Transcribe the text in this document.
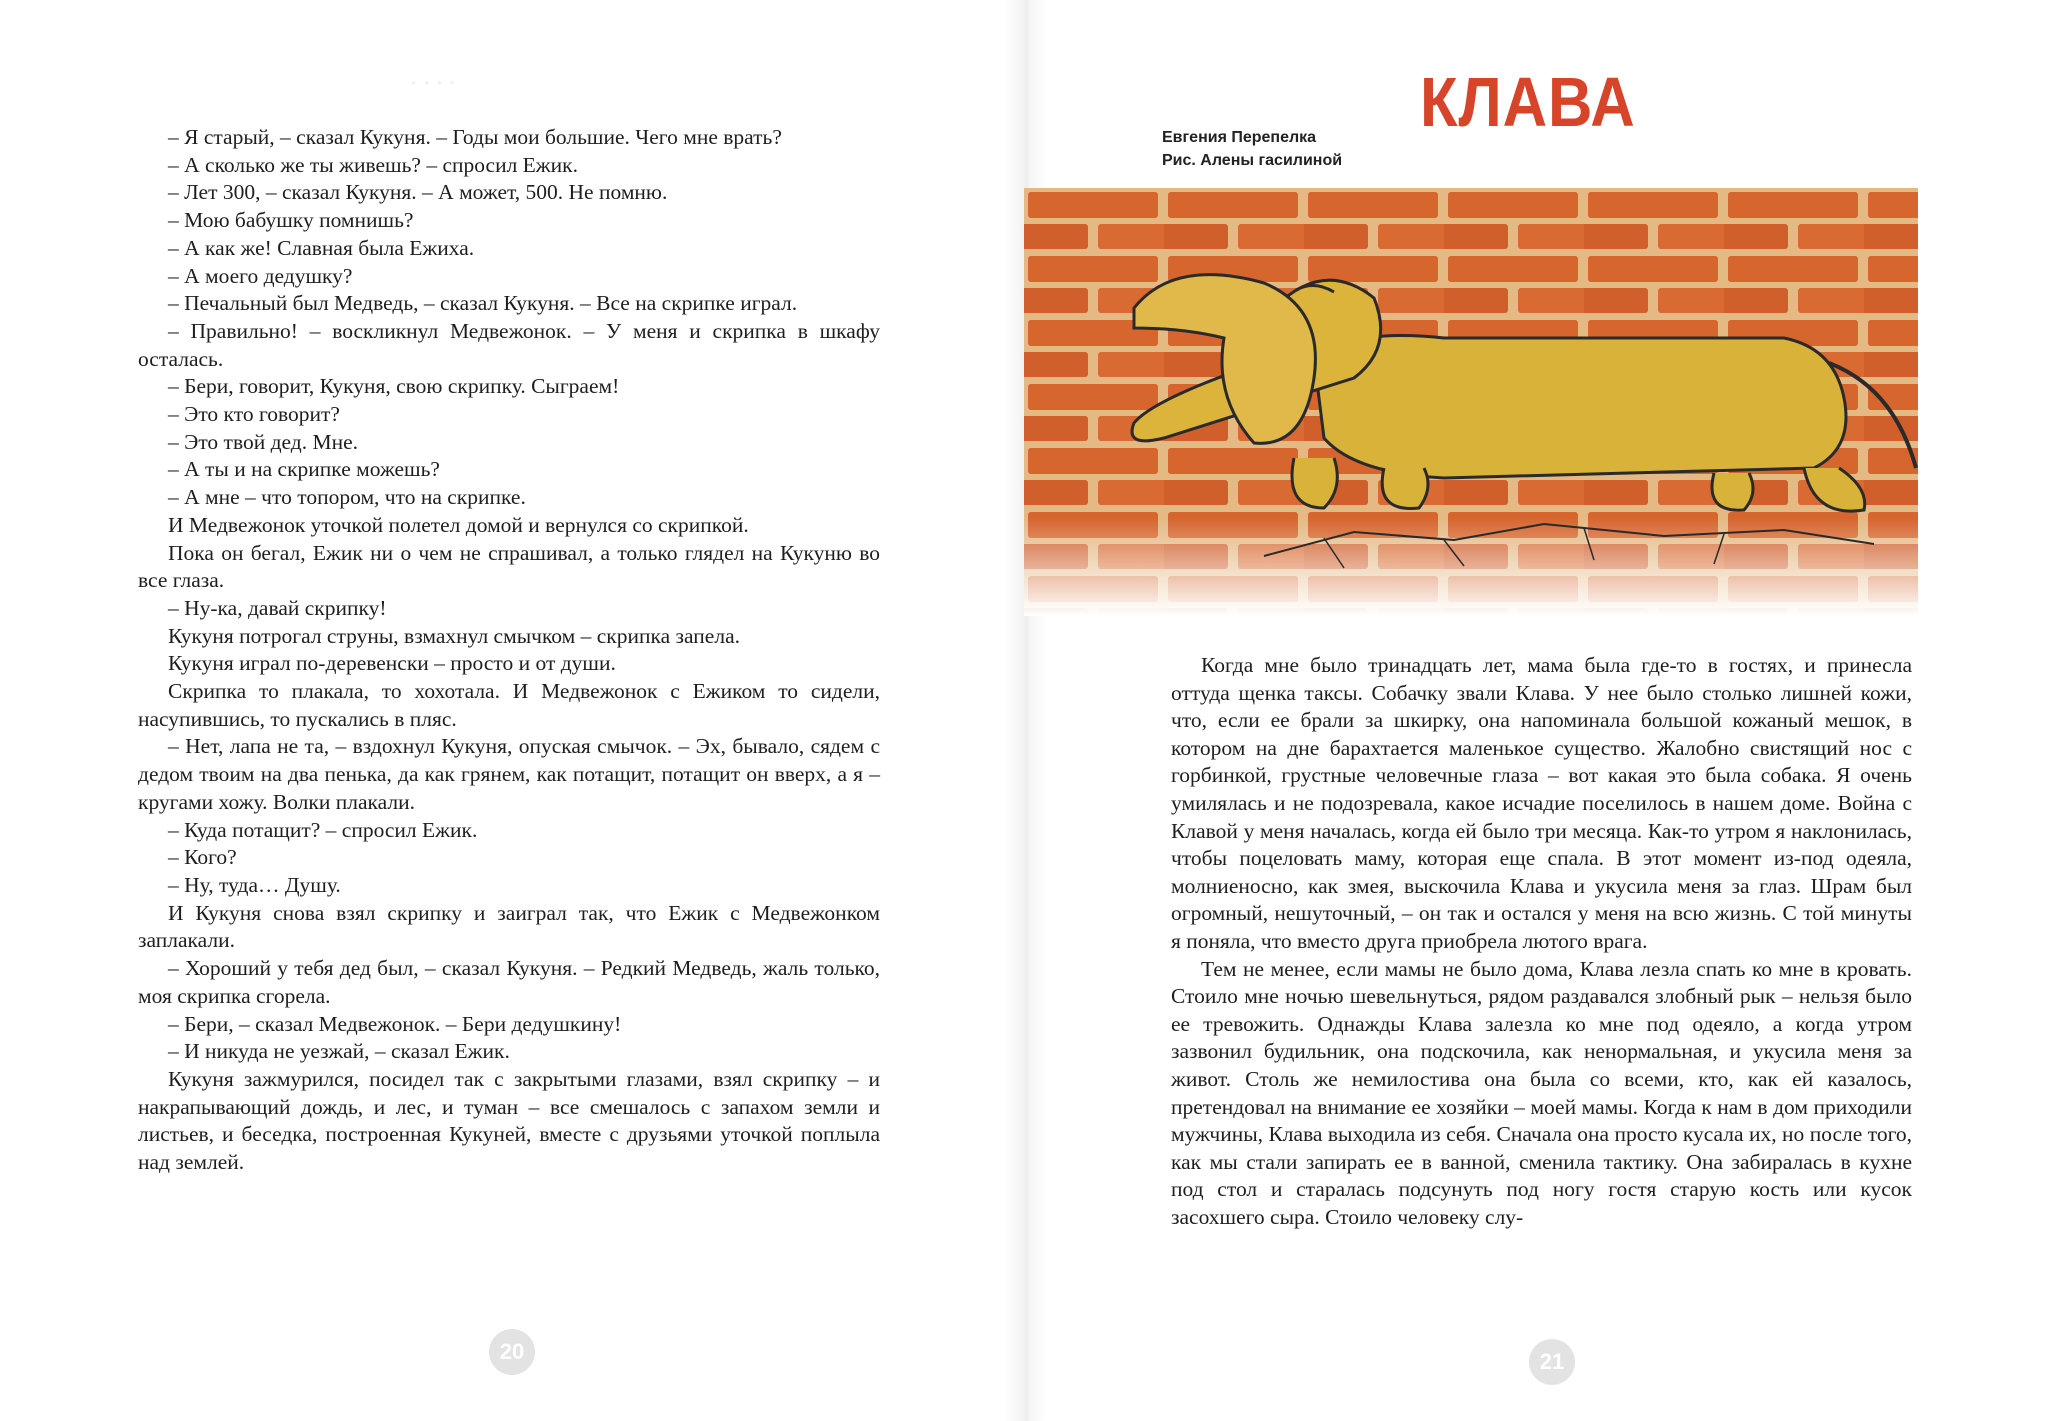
· · · ·

– Я старый, – сказал Кукуня. – Годы мои большие. Чего мне врать?

– А сколько же ты живешь? – спросил Ежик.

– Лет 300, – сказал Кукуня. – А может, 500. Не помню.

– Мою бабушку помнишь?

– А как же! Славная была Ежиха.

– А моего дедушку?

– Печальный был Медведь, – сказал Кукуня. – Все на скрипке играл.

– Правильно! – воскликнул Медвежонок. – У меня и скрипка в шкафу осталась.

– Бери, говорит, Кукуня, свою скрипку. Сыграем!

– Это кто говорит?

– Это твой дед. Мне.

– А ты и на скрипке можешь?

– А мне – что топором, что на скрипке.

И Медвежонок уточкой полетел домой и вернулся со скрипкой.

Пока он бегал, Ежик ни о чем не спрашивал, а только глядел на Кукуню во все глаза.

– Ну-ка, давай скрипку!

Кукуня потрогал струны, взмахнул смычком – скрипка запела.

Кукуня играл по-деревенски – просто и от души.

Скрипка то плакала, то хохотала. И Медвежонок с Ежиком то сидели, насупившись, то пускались в пляс.

– Нет, лапа не та, – вздохнул Кукуня, опуская смычок. – Эх, бывало, сядем с дедом твоим на два пенька, да как грянем, как потащит, потащит он вверх, а я – кругами хожу. Волки плакали.

– Куда потащит? – спросил Ежик.

– Кого?

– Ну, туда… Душу.

И Кукуня снова взял скрипку и заиграл так, что Ежик с Медвежонком заплакали.

– Хороший у тебя дед был, – сказал Кукуня. – Редкий Медведь, жаль только, моя скрипка сгорела.

– Бери, – сказал Медвежонок. – Бери дедушкину!

– И никуда не уезжай, – сказал Ежик.

Кукуня зажмурился, посидел так с закрытыми глазами, взял скрипку – и накрапывающий дождь, и лес, и туман – все смешалось с запахом земли и листьев, и беседка, построенная Кукуней, вместе с друзьями уточкой поплыла над землей.

20
КЛАВА
Евгения Перепелка
Рис. Алены гасилиной

Когда мне было тринадцать лет, мама была где-то в гостях, и принесла оттуда щенка таксы. Собачку звали Клава. У нее было столько лишней кожи, что, если ее брали за шкирку, она напоминала большой кожаный мешок, в котором на дне барахтается маленькое существо. Жалобно свистящий нос с горбинкой, грустные человечные глаза – вот какая это была собака. Я очень умилялась и не подозревала, какое исчадие поселилось в нашем доме. Война с Клавой у меня началась, когда ей было три месяца. Как-то утром я наклонилась, чтобы поцеловать маму, которая еще спала. В этот момент из-под одеяла, молниеносно, как змея, выскочила Клава и укусила меня за глаз. Шрам был огромный, нешуточный, – он так и остался у меня на всю жизнь. С той минуты я поняла, что вместо друга приобрела лютого врага.

Тем не менее, если мамы не было дома, Клава лезла спать ко мне в кровать. Стоило мне ночью шевельнуться, рядом раздавался злобный рык – нельзя было ее тревожить. Однажды Клава залезла ко мне под одеяло, а когда утром зазвонил будильник, она подскочила, как ненормальная, и укусила меня за живот. Столь же немилостива она была со всеми, кто, как ей казалось, претендовал на внимание ее хозяйки – моей мамы. Когда к нам в дом приходили мужчины, Клава выходила из себя. Сначала она просто кусала их, но после того, как мы стали запирать ее в ванной, сменила тактику. Она забиралась в кухне под стол и старалась подсунуть под ногу гостя старую кость или кусок засохшего сыра. Стоило человеку слу-

21
